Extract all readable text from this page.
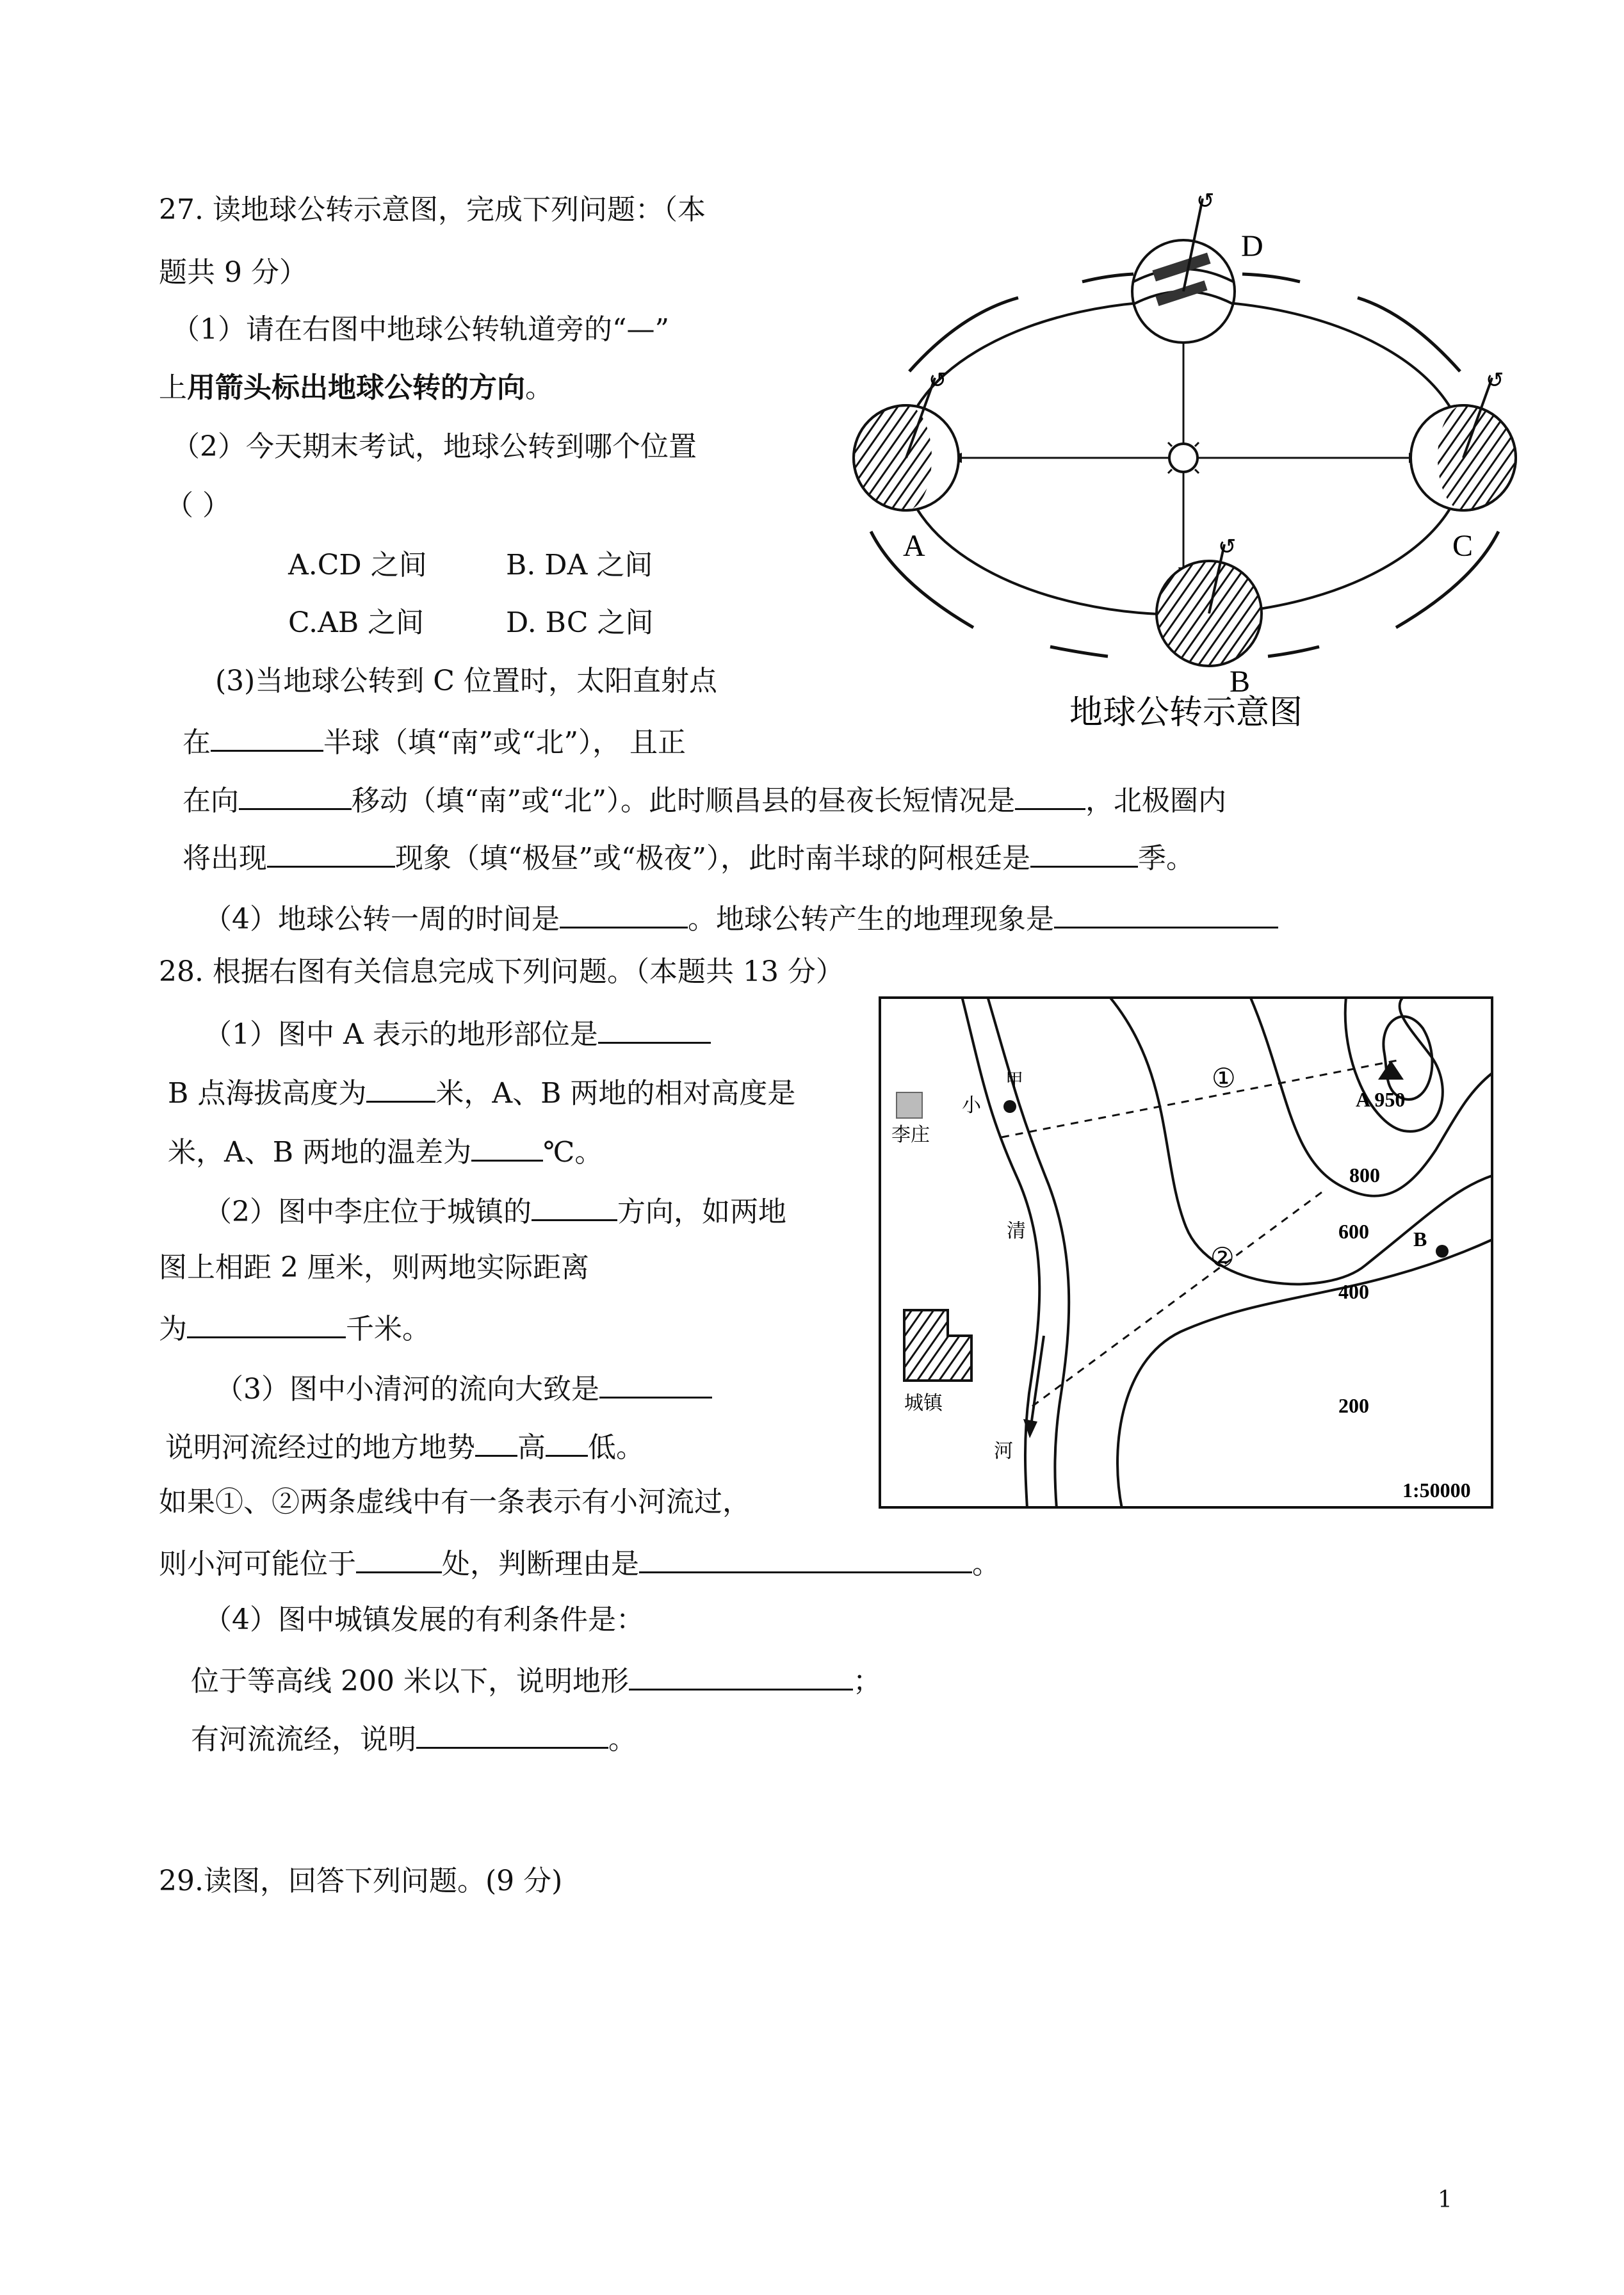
27. 读地球公转示意图，完成下列问题：（本
题共 9 分）
（1）请在右图中地球公转轨道旁的“—”
上用箭头标出地球公转的方向。
（2）今天期末考试，地球公转到哪个位置
（ ）
A.CD 之间	B. DA 之间
C.AB 之间	D. BC 之间
(3)当地球公转到 C 位置时，太阳直射点
在	半球（填“南”或“北”）， 且正
在向	移动（填“南”或“北”）。此时顺昌县的昼夜长短情况是	，北极圈内
将出现	现象（填“极昼”或“极夜”），此时南半球的阿根廷是	季。
（4）地球公转一周的时间是	。地球公转产生的地理现象是
↺	↺
↺
↺
D
A	C
B
地球公转示意图
28. 根据右图有关信息完成下列问题。（本题共 13 分）
（1）图中 A 表示的地形部位是
B 点海拔高度为 米，A、B 两地的相对高度是
米，A、B 两地的温差为	℃。
（2）图中李庄位于城镇的	方向，如两地
图上相距 2 厘米，则两地实际距离
为	千米。
（3）图中小清河的流向大致是
说明河流经过的地方地势 高 低。
如果①、②两条虚线中有一条表示有小河流过，
则小河可能位于	处，判断理由是	。
（4）图中城镇发展的有利条件是：
位于等高线 200 米以下，说明地形	；
有河流流经，说明	。
李庄
城镇
甲
小
清
河
①
②
A 950
B
800
600
400
200
1:50000
29.读图，回答下列问题。(9 分)
1
